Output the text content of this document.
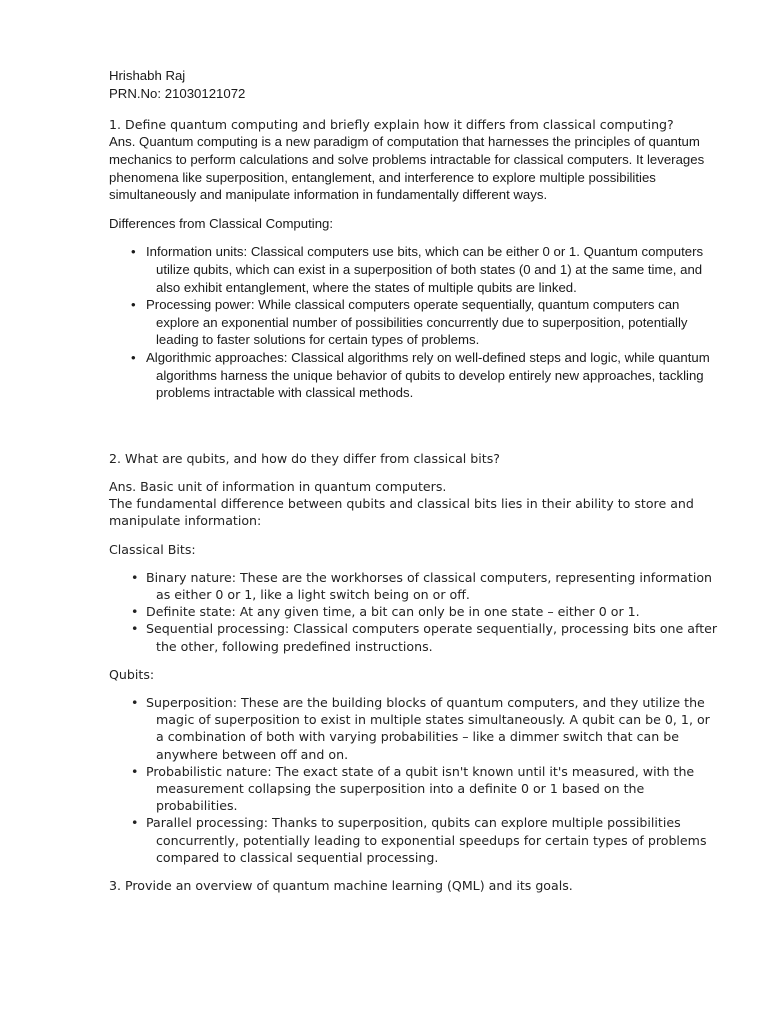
Hrishabh Raj

PRN.No: 21030121072

1. Define quantum computing and briefly explain how it differs from classical computing?

Ans. Quantum computing is a new paradigm of computation that harnesses the principles of quantum mechanics to perform calculations and solve problems intractable for classical computers. It leverages phenomena like superposition, entanglement, and interference to explore multiple possibilities simultaneously and manipulate information in fundamentally different ways.

Differences from Classical Computing:

• Information units: Classical computers use bits, which can be either 0 or 1. Quantum computers utilize qubits, which can exist in a superposition of both states (0 and 1) at the same time, and also exhibit entanglement, where the states of multiple qubits are linked.
• Processing power: While classical computers operate sequentially, quantum computers can explore an exponential number of possibilities concurrently due to superposition, potentially leading to faster solutions for certain types of problems.
• Algorithmic approaches: Classical algorithms rely on well-defined steps and logic, while quantum algorithms harness the unique behavior of qubits to develop entirely new approaches, tackling problems intractable with classical methods.

2. What are qubits, and how do they differ from classical bits?

Ans. Basic unit of information in quantum computers.

The fundamental difference between qubits and classical bits lies in their ability to store and manipulate information:

Classical Bits:

• Binary nature: These are the workhorses of classical computers, representing information as either 0 or 1, like a light switch being on or off.
• Definite state: At any given time, a bit can only be in one state – either 0 or 1.
• Sequential processing: Classical computers operate sequentially, processing bits one after the other, following predefined instructions.

Qubits:

• Superposition: These are the building blocks of quantum computers, and they utilize the magic of superposition to exist in multiple states simultaneously. A qubit can be 0, 1, or a combination of both with varying probabilities – like a dimmer switch that can be anywhere between off and on.
• Probabilistic nature: The exact state of a qubit isn't known until it's measured, with the measurement collapsing the superposition into a definite 0 or 1 based on the probabilities.
• Parallel processing: Thanks to superposition, qubits can explore multiple possibilities concurrently, potentially leading to exponential speedups for certain types of problems compared to classical sequential processing.

3. Provide an overview of quantum machine learning (QML) and its goals.
